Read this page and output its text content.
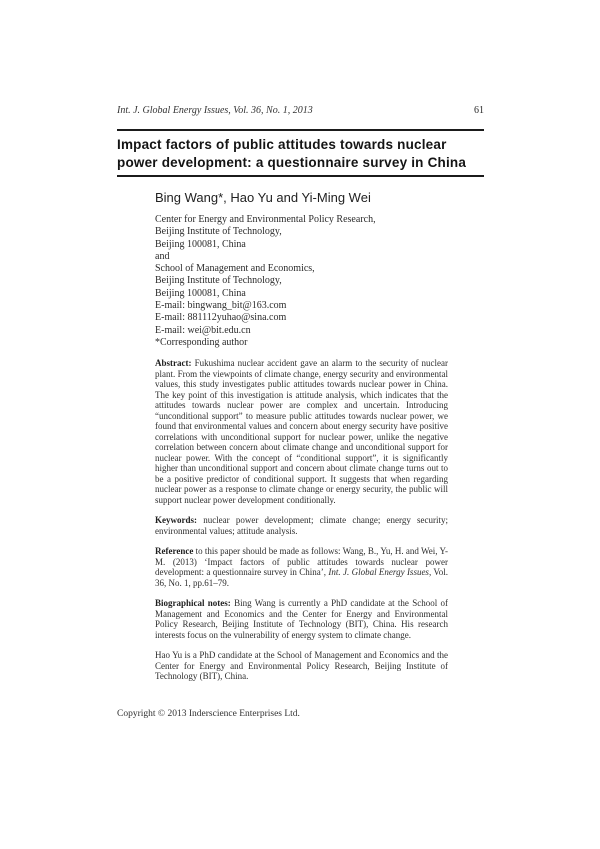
Int. J. Global Energy Issues, Vol. 36, No. 1, 2013	61
Impact factors of public attitudes towards nuclear
power development: a questionnaire survey in China
Bing Wang*, Hao Yu and Yi-Ming Wei
Center for Energy and Environmental Policy Research,
Beijing Institute of Technology,
Beijing 100081, China
and
School of Management and Economics,
Beijing Institute of Technology,
Beijing 100081, China
E-mail: bingwang_bit@163.com
E-mail: 881112yuhao@sina.com
E-mail: wei@bit.edu.cn
*Corresponding author

Abstract: Fukushima nuclear accident gave an alarm to the security of nuclear plant. From the viewpoints of climate change, energy security and environmental values, this study investigates public attitudes towards nuclear power in China. The key point of this investigation is attitude analysis, which indicates that the attitudes towards nuclear power are complex and uncertain. Introducing “unconditional support” to measure public attitudes towards nuclear power, we found that environmental values and concern about energy security have positive correlations with unconditional support for nuclear power, unlike the negative correlation between concern about climate change and unconditional support for nuclear power. With the concept of “conditional support”, it is significantly higher than unconditional support and concern about climate change turns out to be a positive predictor of conditional support. It suggests that when regarding nuclear power as a response to climate change or energy security, the public will support nuclear power development conditionally.

Keywords: nuclear power development; climate change; energy security; environmental values; attitude analysis.

Reference to this paper should be made as follows: Wang, B., Yu, H. and Wei, Y-M. (2013) ‘Impact factors of public attitudes towards nuclear power development: a questionnaire survey in China’, Int. J. Global Energy Issues, Vol. 36, No. 1, pp.61–79.

Biographical notes: Bing Wang is currently a PhD candidate at the School of Management and Economics and the Center for Energy and Environmental Policy Research, Beijing Institute of Technology (BIT), China. His research interests focus on the vulnerability of energy system to climate change.

Hao Yu is a PhD candidate at the School of Management and Economics and the Center for Energy and Environmental Policy Research, Beijing Institute of Technology (BIT), China.

Copyright © 2013 Inderscience Enterprises Ltd.
